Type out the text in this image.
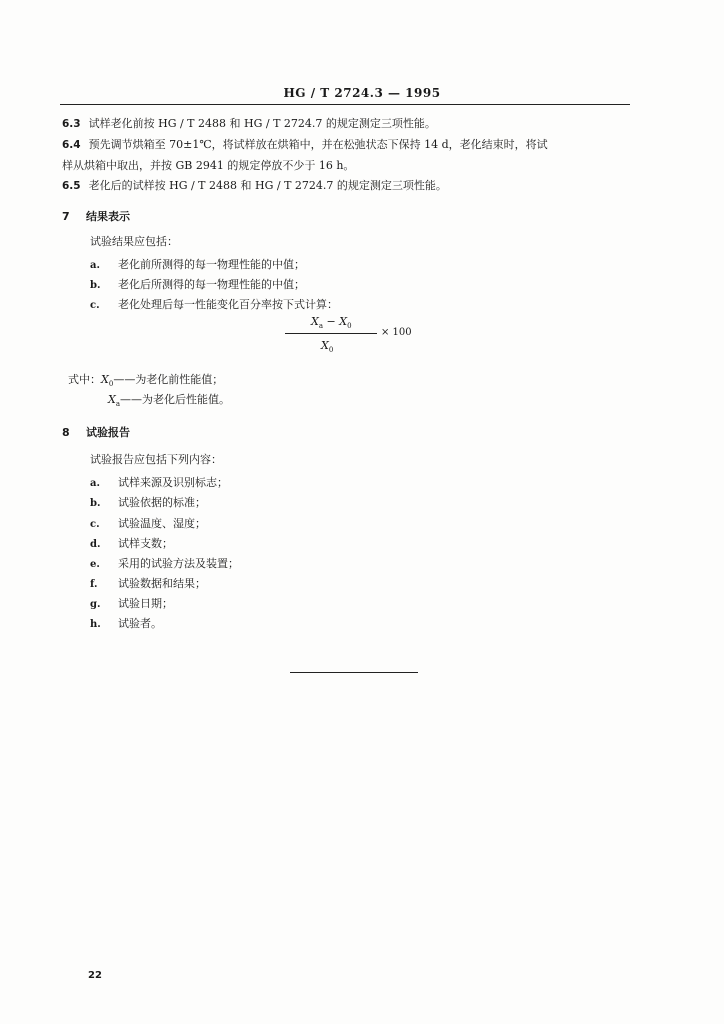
HG / T 2724.3 — 1995
6.3 试样老化前按 HG / T 2488 和 HG / T 2724.7 的规定测定三项性能。
6.4 预先调节烘箱至 70±1℃，将试样放在烘箱中，并在松弛状态下保持 14 d，老化结束时，将试
样从烘箱中取出，并按 GB 2941 的规定停放不少于 16 h。
6.5 老化后的试样按 HG / T 2488 和 HG / T 2724.7 的规定测定三项性能。
7 结果表示
试验结果应包括：
a. 老化前所测得的每一物理性能的中值；
b. 老化后所测得的每一物理性能的中值；
c. 老化处理后每一性能变化百分率按下式计算：
$X_a - X_0$
$X_0$
× 100
式中：$X_0——$为老化前性能值；
$X_a——$为老化后性能值。
8 试验报告
试验报告应包括下列内容：
a. 试样来源及识别标志；
b. 试验依据的标准；
c. 试验温度、湿度；
d. 试样支数；
e. 采用的试验方法及装置；
f. 试验数据和结果；
g. 试验日期；
h. 试验者。
22
